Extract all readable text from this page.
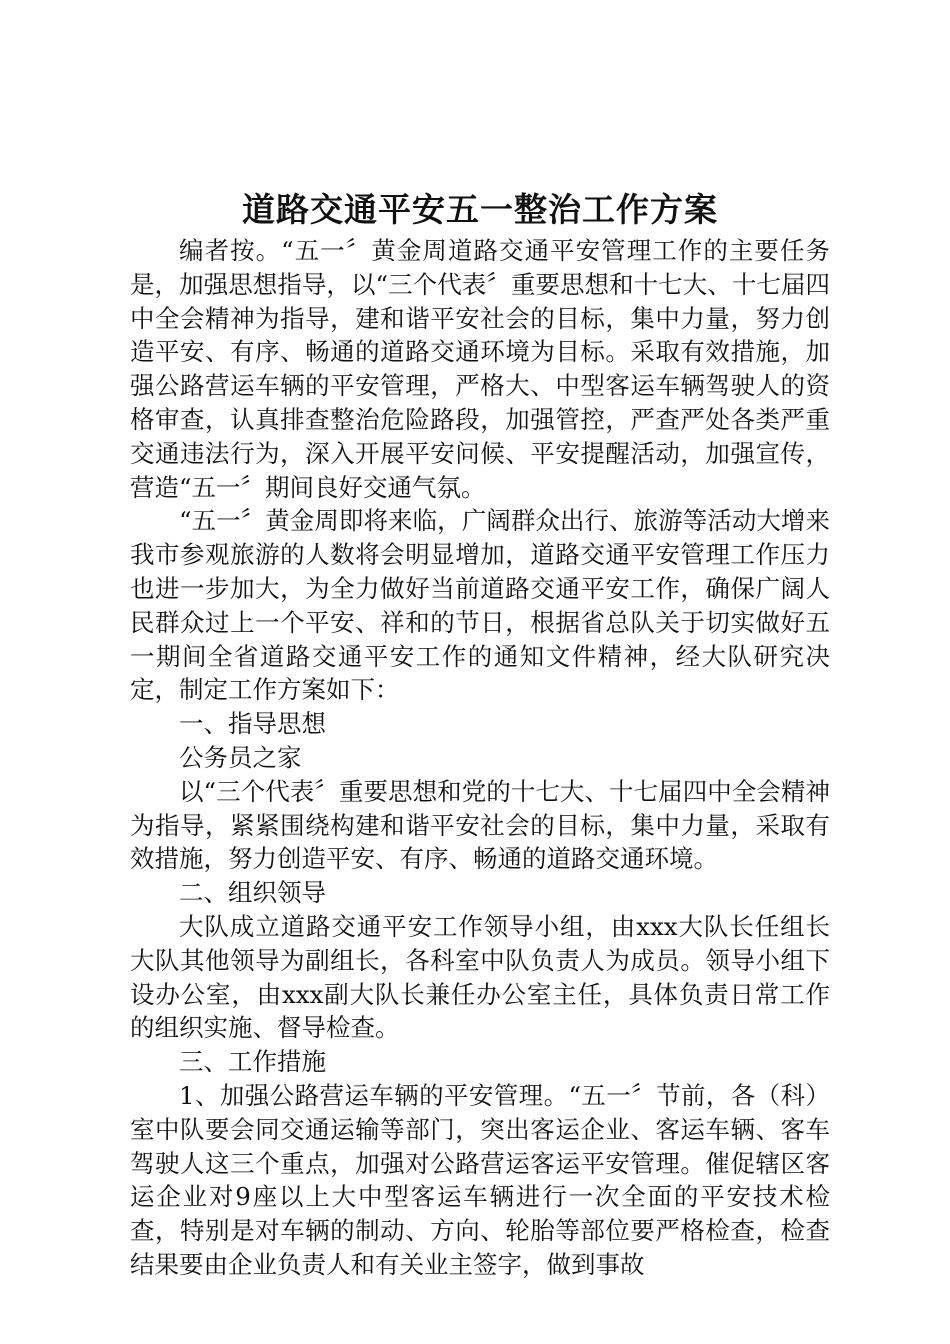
道路交通平安五一整治工作方案

编者按。“五一〞黄金周道路交通平安管理工作的主要任务是，加强思想指导，以“三个代表〞重要思想和十七大、十七届四中全会精神为指导，建和谐平安社会的目标，集中力量，努力创造平安、有序、畅通的道路交通环境为目标。采取有效措施，加强公路营运车辆的平安管理，严格大、中型客运车辆驾驶人的资格审查，认真排查整治危险路段，加强管控，严查严处各类严重交通违法行为，深入开展平安问候、平安提醒活动，加强宣传，营造“五一〞期间良好交通气氛。

“五一〞黄金周即将来临，广阔群众出行、旅游等活动大增来我市参观旅游的人数将会明显增加，道路交通平安管理工作压力也进一步加大，为全力做好当前道路交通平安工作，确保广阔人民群众过上一个平安、祥和的节日，根据省总队关于切实做好五一期间全省道路交通平安工作的通知文件精神，经大队研究决定，制定工作方案如下：

一、指导思想

公务员之家

以“三个代表〞重要思想和党的十七大、十七届四中全会精神为指导，紧紧围绕构建和谐平安社会的目标，集中力量，采取有效措施，努力创造平安、有序、畅通的道路交通环境。

二、组织领导

大队成立道路交通平安工作领导小组，由xxx大队长任组长大队其他领导为副组长，各科室中队负责人为成员。领导小组下设办公室，由xxx副大队长兼任办公室主任，具体负责日常工作的组织实施、督导检查。

三、工作措施

1、加强公路营运车辆的平安管理。“五一〞节前，各（科）室中队要会同交通运输等部门，突出客运企业、客运车辆、客车驾驶人这三个重点，加强对公路营运客运平安管理。催促辖区客运企业对9座以上大中型客运车辆进行一次全面的平安技术检查，特别是对车辆的制动、方向、轮胎等部位要严格检查，检查结果要由企业负责人和有关业主签字，做到事故
